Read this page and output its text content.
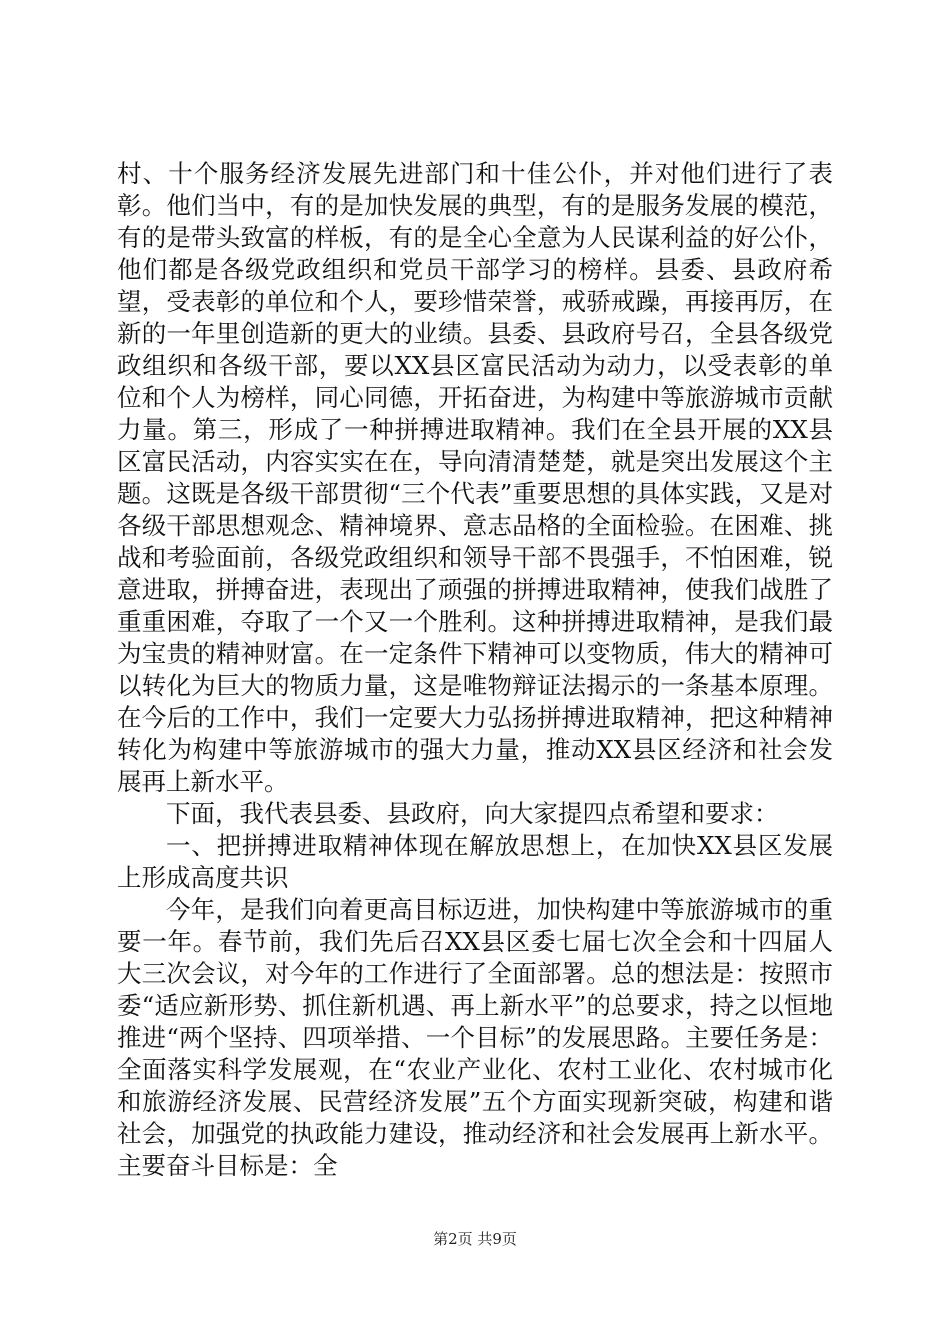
村、十个服务经济发展先进部门和十佳公仆，并对他们进行了表彰。他们当中，有的是加快发展的典型，有的是服务发展的模范，有的是带头致富的样板，有的是全心全意为人民谋利益的好公仆，他们都是各级党政组织和党员干部学习的榜样。县委、县政府希望，受表彰的单位和个人，要珍惜荣誉，戒骄戒躁，再接再厉，在新的一年里创造新的更大的业绩。县委、县政府号召，全县各级党政组织和各级干部，要以XX县区富民活动为动力，以受表彰的单位和个人为榜样，同心同德，开拓奋进，为构建中等旅游城市贡献力量。第三，形成了一种拼搏进取精神。我们在全县开展的XX县区富民活动，内容实实在在，导向清清楚楚，就是突出发展这个主题。这既是各级干部贯彻“三个代表”重要思想的具体实践，又是对各级干部思想观念、精神境界、意志品格的全面检验。在困难、挑战和考验面前，各级党政组织和领导干部不畏强手，不怕困难，锐意进取，拼搏奋进，表现出了顽强的拼搏进取精神，使我们战胜了重重困难，夺取了一个又一个胜利。这种拼搏进取精神，是我们最为宝贵的精神财富。在一定条件下精神可以变物质，伟大的精神可以转化为巨大的物质力量，这是唯物辩证法揭示的一条基本原理。在今后的工作中，我们一定要大力弘扬拼搏进取精神，把这种精神转化为构建中等旅游城市的强大力量，推动XX县区经济和社会发展再上新水平。

下面，我代表县委、县政府，向大家提四点希望和要求：

一、把拼搏进取精神体现在解放思想上，在加快XX县区发展上形成高度共识

今年，是我们向着更高目标迈进，加快构建中等旅游城市的重要一年。春节前，我们先后召XX县区委七届七次全会和十四届人大三次会议，对今年的工作进行了全面部署。总的想法是：按照市委“适应新形势、抓住新机遇、再上新水平”的总要求，持之以恒地推进“两个坚持、四项举措、一个目标”的发展思路。主要任务是：全面落实科学发展观，在“农业产业化、农村工业化、农村城市化和旅游经济发展、民营经济发展”五个方面实现新突破，构建和谐社会，加强党的执政能力建设，推动经济和社会发展再上新水平。主要奋斗目标是：全

第2页 共9页
